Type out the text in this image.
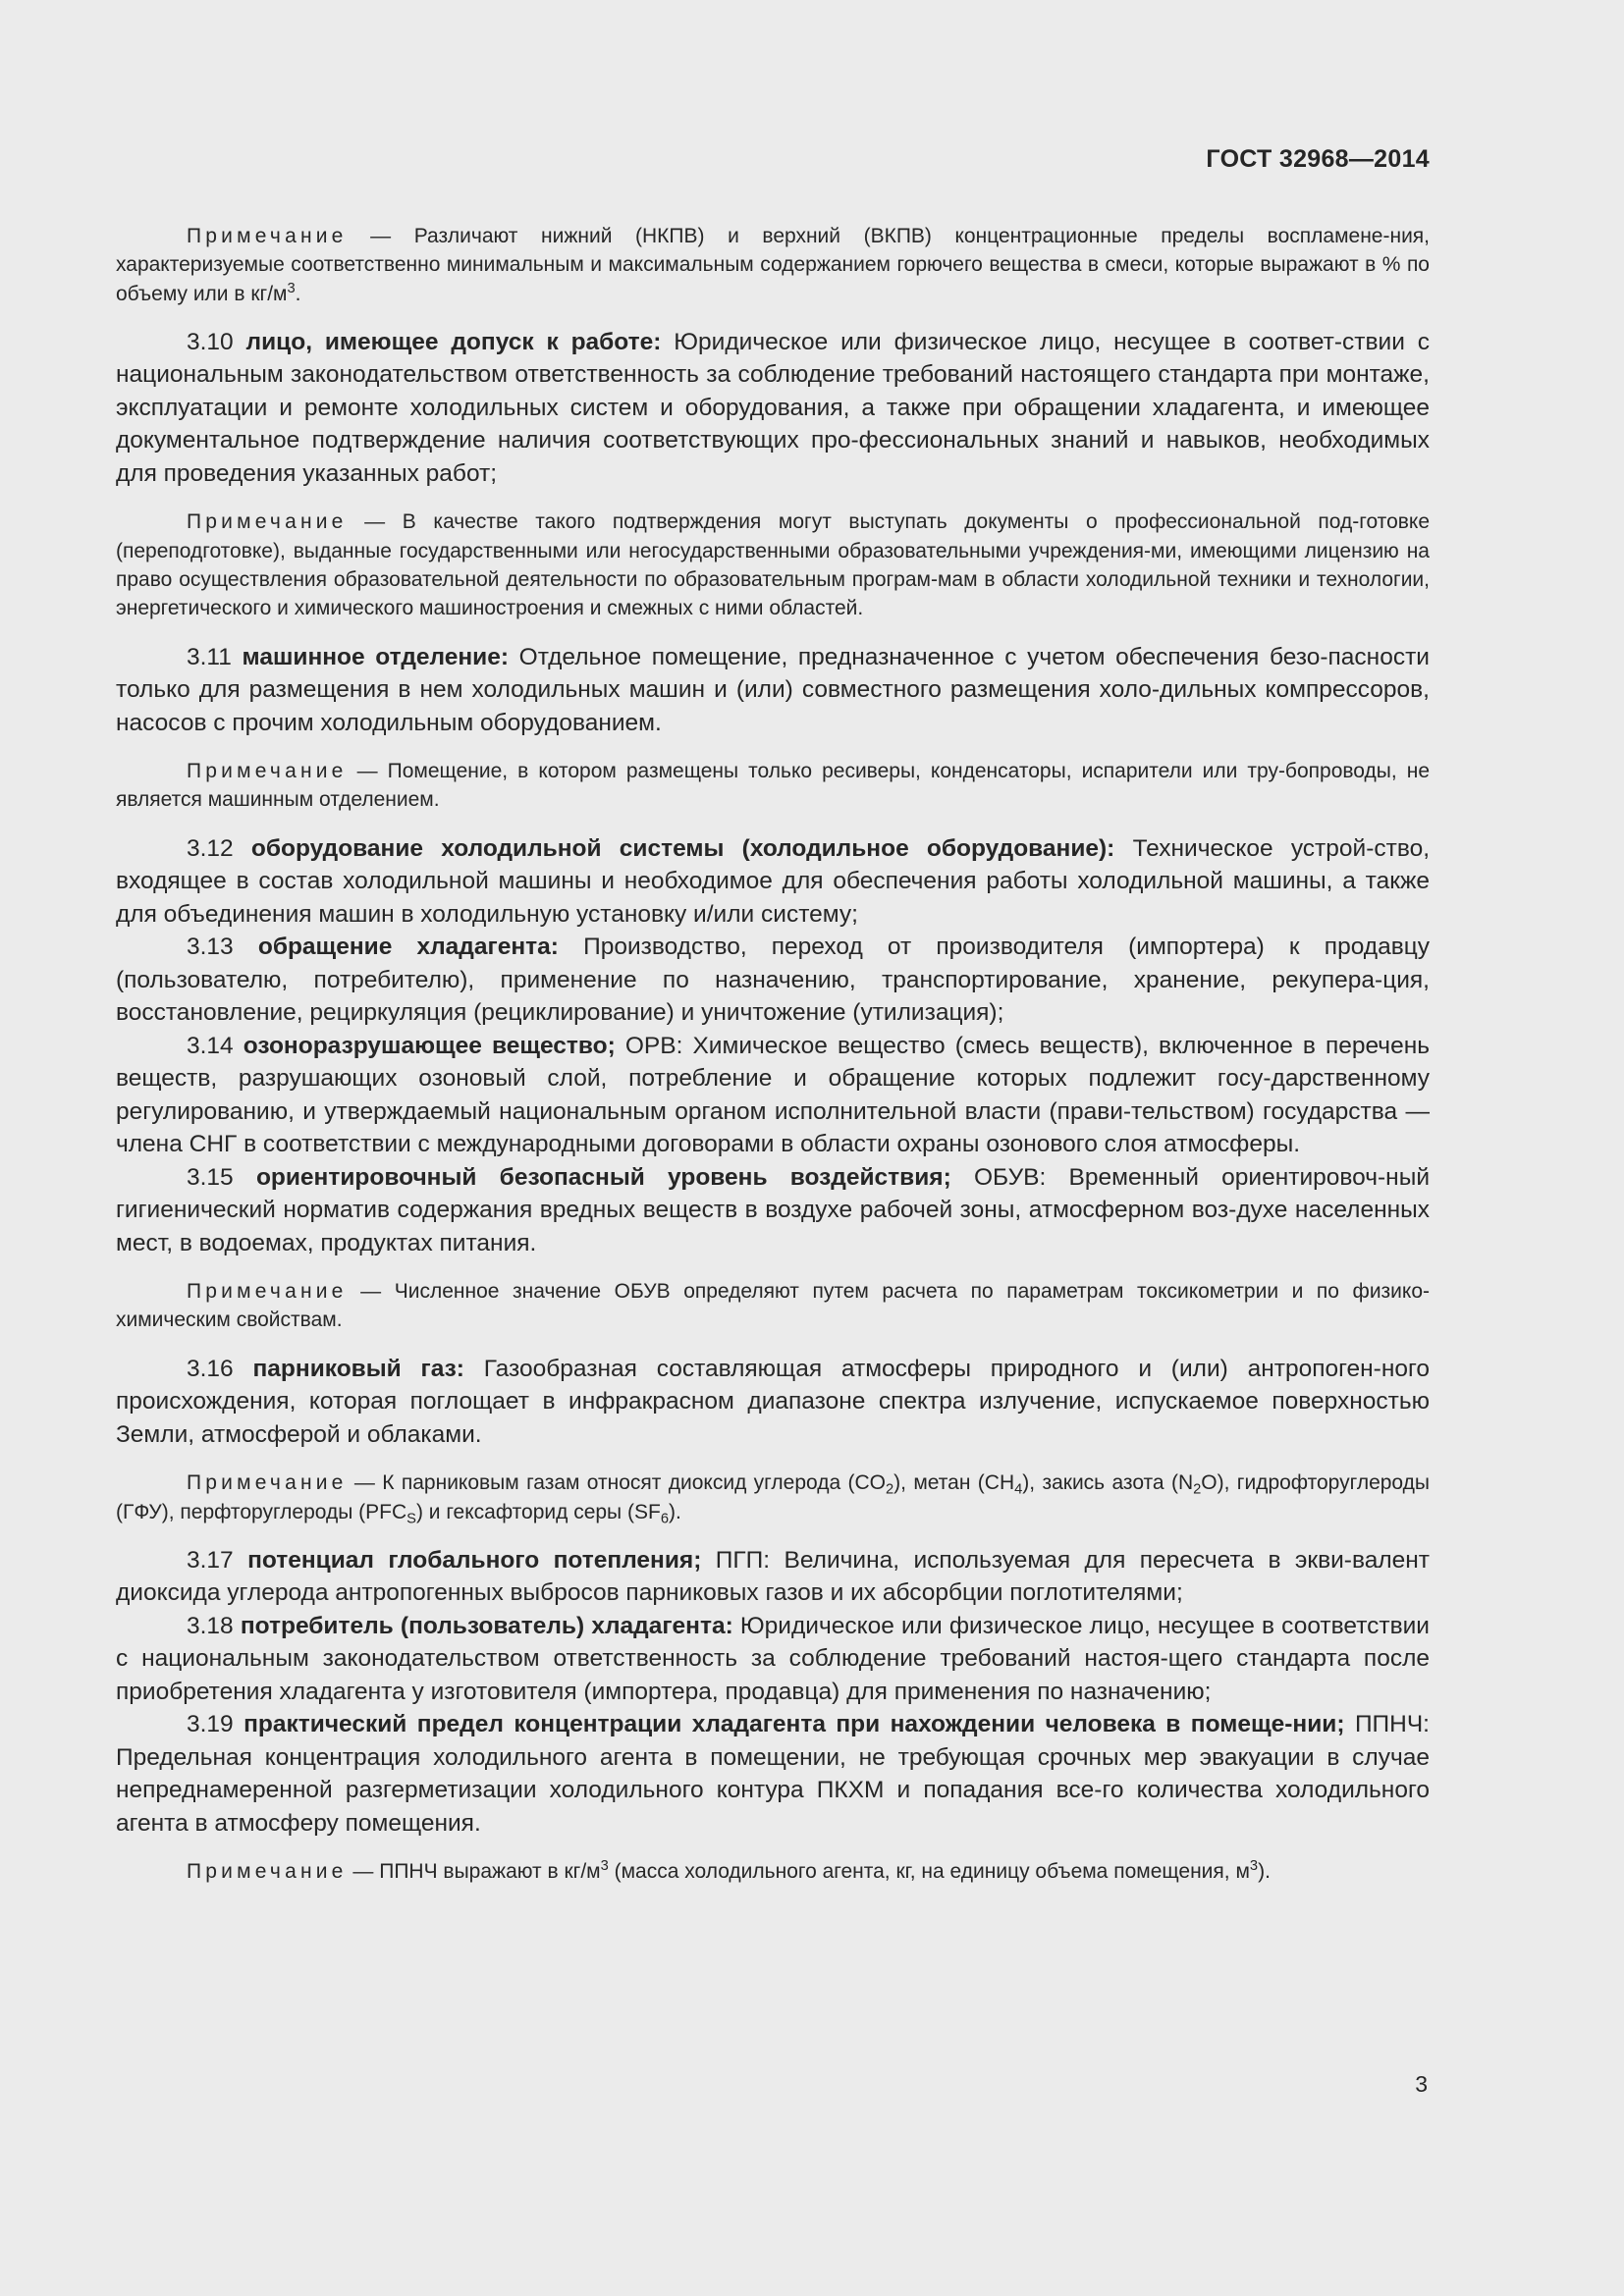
ГОСТ 32968—2014

Примечание — Различают нижний (НКПВ) и верхний (ВКПВ) концентрационные пределы воспламене-ния, характеризуемые соответственно минимальным и максимальным содержанием горючего вещества в смеси, которые выражают в % по объему или в $кг/м^3$.

3.10 лицо, имеющее допуск к работе: Юридическое или физическое лицо, несущее в соответ-ствии с национальным законодательством ответственность за соблюдение требований настоящего стандарта при монтаже, эксплуатации и ремонте холодильных систем и оборудования, а также при обращении хладагента, и имеющее документальное подтверждение наличия соответствующих про-фессиональных знаний и навыков, необходимых для проведения указанных работ;

Примечание — В качестве такого подтверждения могут выступать документы о профессиональной под-готовке (переподготовке), выданные государственными или негосударственными образовательными учреждения-ми, имеющими лицензию на право осуществления образовательной деятельности по образовательным програм-мам в области холодильной техники и технологии, энергетического и химического машиностроения и смежных с ними областей.

3.11 машинное отделение: Отдельное помещение, предназначенное с учетом обеспечения безо-пасности только для размещения в нем холодильных машин и (или) совместного размещения холо-дильных компрессоров, насосов с прочим холодильным оборудованием.

Примечание — Помещение, в котором размещены только ресиверы, конденсаторы, испарители или тру-бопроводы, не является машинным отделением.

3.12 оборудование холодильной системы (холодильное оборудование): Техническое устрой-ство, входящее в состав холодильной машины и необходимое для обеспечения работы холодильной машины, а также для объединения машин в холодильную установку и/или систему;

3.13 обращение хладагента: Производство, переход от производителя (импортера) к продавцу (пользователю, потребителю), применение по назначению, транспортирование, хранение, рекупера-ция, восстановление, рециркуляция (рециклирование) и уничтожение (утилизация);

3.14 озоноразрушающее вещество; ОРВ: Химическое вещество (смесь веществ), включенное в перечень веществ, разрушающих озоновый слой, потребление и обращение которых подлежит госу-дарственному регулированию, и утверждаемый национальным органом исполнительной власти (прави-тельством) государства — члена СНГ в соответствии с международными договорами в области охраны озонового слоя атмосферы.

3.15 ориентировочный безопасный уровень воздействия; ОБУВ: Временный ориентировоч-ный гигиенический норматив содержания вредных веществ в воздухе рабочей зоны, атмосферном воз-духе населенных мест, в водоемах, продуктах питания.

Примечание — Численное значение ОБУВ определяют путем расчета по параметрам токсикометрии и по физико-химическим свойствам.

3.16 парниковый газ: Газообразная составляющая атмосферы природного и (или) антропоген-ного происхождения, которая поглощает в инфракрасном диапазоне спектра излучение, испускаемое поверхностью Земли, атмосферой и облаками.

Примечание — К парниковым газам относят диоксид углерода $(CO_2)$, метан $(CH_4)$, закись азота $(N_2O)$, гидрофторуглероды (ГФУ), перфторуглероды $(PFC_S)$ и гексафторид серы $(SF_6)$.

3.17 потенциал глобального потепления; ПГП: Величина, используемая для пересчета в экви-валент диоксида углерода антропогенных выбросов парниковых газов и их абсорбции поглотителями;

3.18 потребитель (пользователь) хладагента: Юридическое или физическое лицо, несущее в соответствии с национальным законодательством ответственность за соблюдение требований настоя-щего стандарта после приобретения хладагента у изготовителя (импортера, продавца) для применения по назначению;

3.19 практический предел концентрации хладагента при нахождении человека в помеще-нии; ППНЧ: Предельная концентрация холодильного агента в помещении, не требующая срочных мер эвакуации в случае непреднамеренной разгерметизации холодильного контура ПКХМ и попадания все-го количества холодильного агента в атмосферу помещения.

Примечание — ППНЧ выражают в $кг/м^3$ (масса холодильного агента, кг, на единицу объема помещения, $м^3$).

3
